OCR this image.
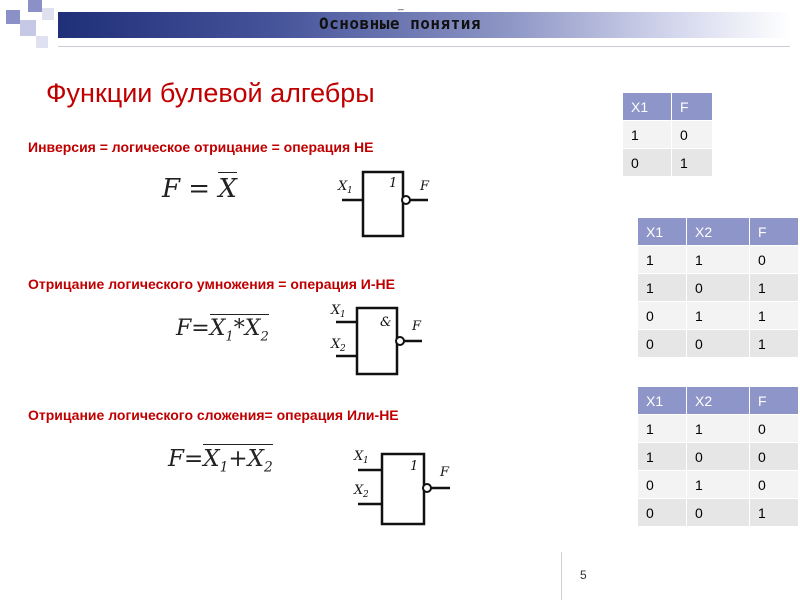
_
Основные понятия
Функции булевой алгебры
Инверсия = логическое отрицание = операция НЕ
F = X	1
X 1	F
Отрицание логического умножения = операция И-НЕ
$F=X_1*X_2$
&
X 1
X 2
F
Отрицание логического сложения= операция Или-НЕ
$F=X_1+X_2$	1
X 1
X 2
F
X1	F
1	0
0	1
X1	X2	F
1	1	0
1	0	1
0	1	1
0	0	1
X1	X2	F
1	1	0
1	0	0
0	1	0
0	0	1
5
